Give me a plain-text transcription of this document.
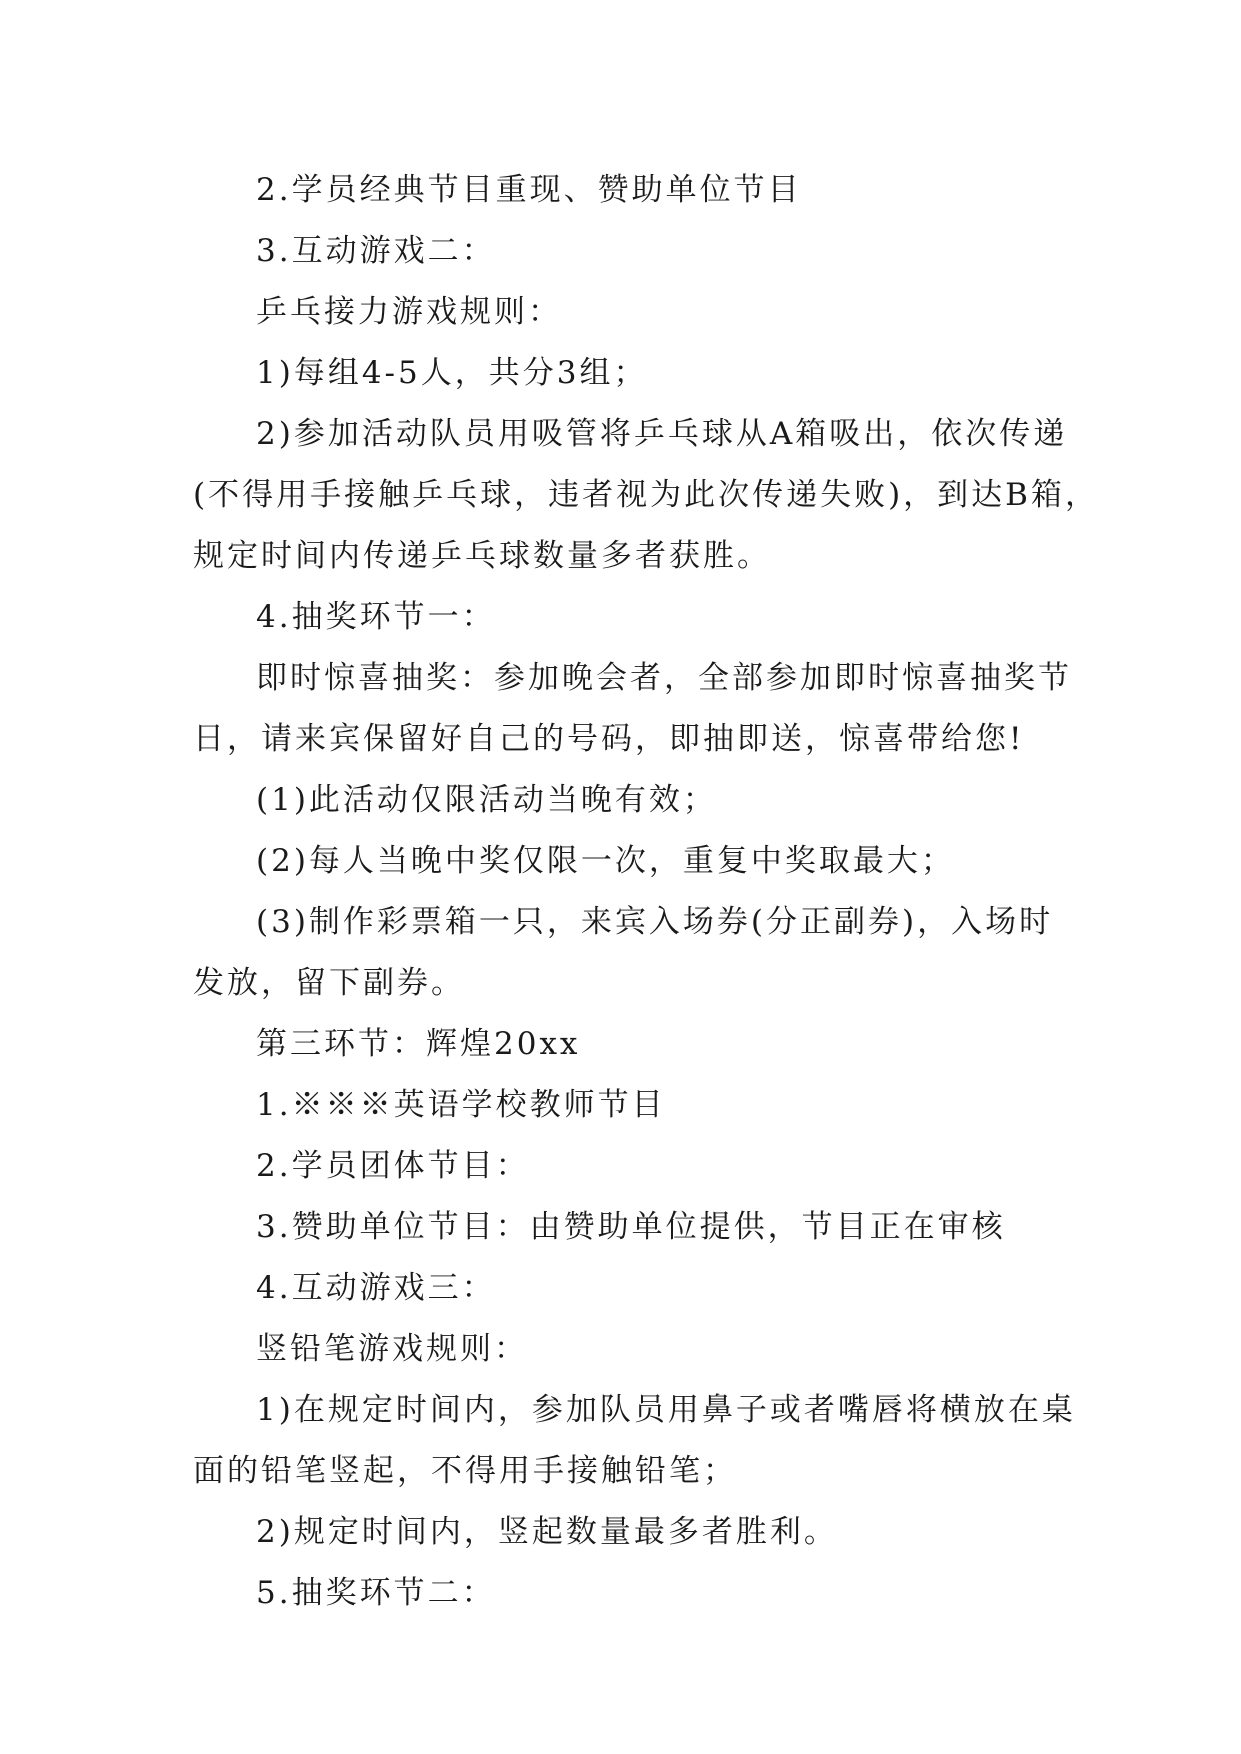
2.学员经典节目重现、赞助单位节目
3.互动游戏二：
乒乓接力游戏规则：
1)每组4-5人，共分3组；
2)参加活动队员用吸管将乒乓球从A箱吸出，依次传递
(不得用手接触乒乓球，违者视为此次传递失败)，到达B箱，
规定时间内传递乒乓球数量多者获胜。
4.抽奖环节一：
即时惊喜抽奖：参加晚会者，全部参加即时惊喜抽奖节
日，请来宾保留好自己的号码，即抽即送，惊喜带给您!
(1)此活动仅限活动当晚有效；
(2)每人当晚中奖仅限一次，重复中奖取最大；
(3)制作彩票箱一只，来宾入场券(分正副券)，入场时
发放，留下副券。
第三环节：辉煌20xx
1.※※※英语学校教师节目
2.学员团体节目：
3.赞助单位节目：由赞助单位提供，节目正在审核
4.互动游戏三：
竖铅笔游戏规则：
1)在规定时间内，参加队员用鼻子或者嘴唇将横放在桌
面的铅笔竖起，不得用手接触铅笔；
2)规定时间内，竖起数量最多者胜利。
5.抽奖环节二：
